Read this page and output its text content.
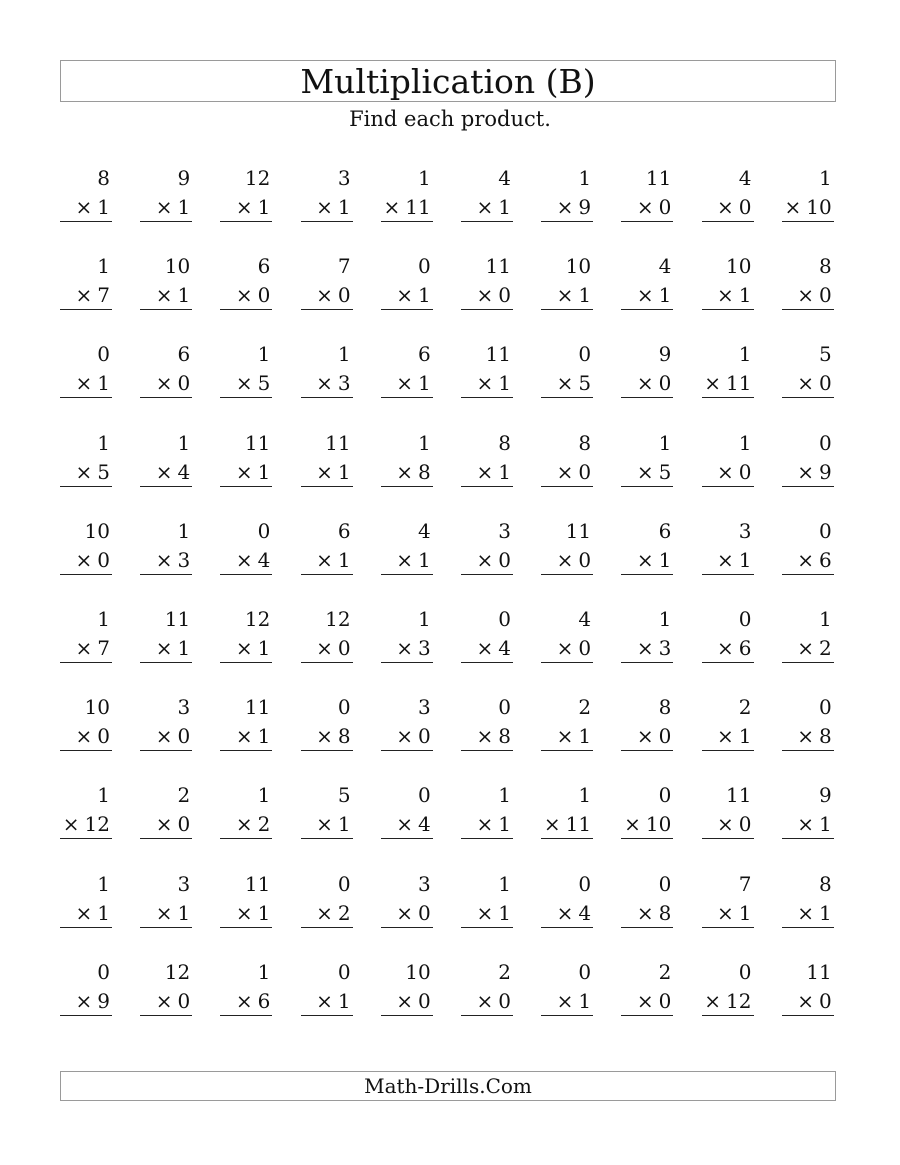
Multiplication (B)
Find each product.
8
× 1
9
× 1
12
× 1
3
× 1
1
× 11
4
× 1
1
× 9
11
× 0
4
× 0
1
× 10
1
× 7
10
× 1
6
× 0
7
× 0
0
× 1
11
× 0
10
× 1
4
× 1
10
× 1
8
× 0
0
× 1
6
× 0
1
× 5
1
× 3
6
× 1
11
× 1
0
× 5
9
× 0
1
× 11
5
× 0
1
× 5
1
× 4
11
× 1
11
× 1
1
× 8
8
× 1
8
× 0
1
× 5
1
× 0
0
× 9
10
× 0
1
× 3
0
× 4
6
× 1
4
× 1
3
× 0
11
× 0
6
× 1
3
× 1
0
× 6
1
× 7
11
× 1
12
× 1
12
× 0
1
× 3
0
× 4
4
× 0
1
× 3
0
× 6
1
× 2
10
× 0
3
× 0
11
× 1
0
× 8
3
× 0
0
× 8
2
× 1
8
× 0
2
× 1
0
× 8
1
× 12
2
× 0
1
× 2
5
× 1
0
× 4
1
× 1
1
× 11
0
× 10
11
× 0
9
× 1
1
× 1
3
× 1
11
× 1
0
× 2
3
× 0
1
× 1
0
× 4
0
× 8
7
× 1
8
× 1
0
× 9
12
× 0
1
× 6
0
× 1
10
× 0
2
× 0
0
× 1
2
× 0
0
× 12
11
× 0
Math-Drills.Com
